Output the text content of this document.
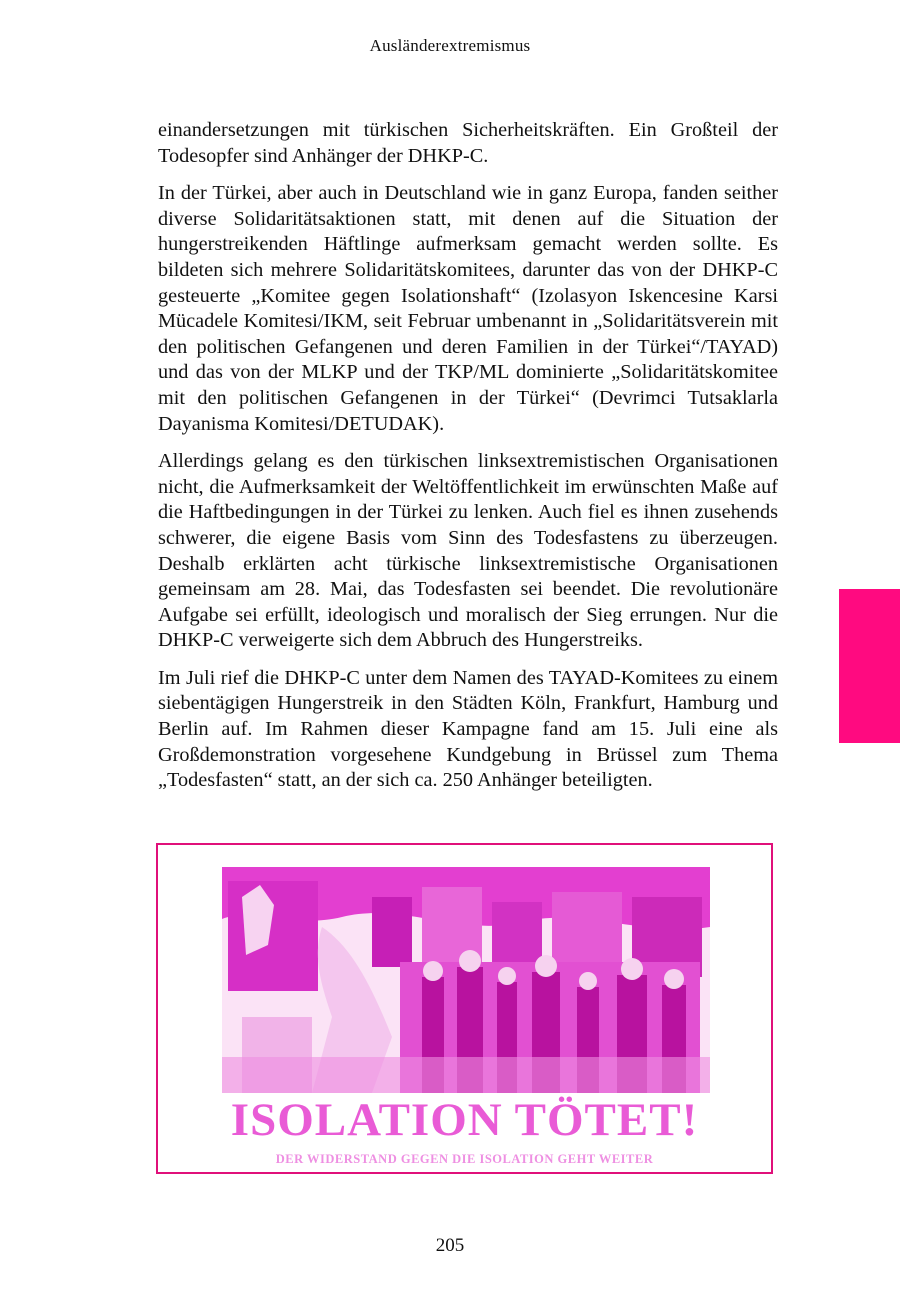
Ausländerextremismus

einandersetzungen mit türkischen Sicherheitskräften. Ein Großteil der Todesopfer sind Anhänger der DHKP-C.

In der Türkei, aber auch in Deutschland wie in ganz Europa, fanden seither diverse Solidaritätsaktionen statt, mit denen auf die Situation der hungerstreikenden Häftlinge aufmerksam gemacht werden sollte. Es bildeten sich mehrere Solidaritätskomitees, darunter das von der DHKP-C gesteuerte „Komitee gegen Isolationshaft“ (Izolasyon Iskencesine Karsi Mücadele Komitesi/IKM, seit Februar umbenannt in „Solidaritätsverein mit den politischen Gefangenen und deren Familien in der Türkei“/TAYAD) und das von der MLKP und der TKP/ML dominierte „Solidaritätskomitee mit den politischen Gefangenen in der Türkei“ (Devrimci Tutsaklarla Dayanisma Komitesi/DETUDAK).

Allerdings gelang es den türkischen linksextremistischen Organisationen nicht, die Aufmerksamkeit der Weltöffentlichkeit im erwünschten Maße auf die Haftbedingungen in der Türkei zu lenken. Auch fiel es ihnen zusehends schwerer, die eigene Basis vom Sinn des Todesfastens zu überzeugen. Deshalb erklärten acht türkische linksextremistische Organisationen gemeinsam am 28. Mai, das Todesfasten sei beendet. Die revolutionäre Aufgabe sei erfüllt, ideologisch und moralisch der Sieg errungen. Nur die DHKP-C verweigerte sich dem Abbruch des Hungerstreiks.

Im Juli rief die DHKP-C unter dem Namen des TAYAD-Komitees zu einem siebentägigen Hungerstreik in den Städten Köln, Frankfurt, Hamburg und Berlin auf. Im Rahmen dieser Kampagne fand am 15. Juli eine als Großdemonstration vorgesehene Kundgebung in Brüssel zum Thema „Todesfasten“ statt, an der sich ca. 250 Anhänger beteiligten.

ISOLATION TÖTET!
DER WIDERSTAND GEGEN DIE ISOLATION GEHT WEITER
205
